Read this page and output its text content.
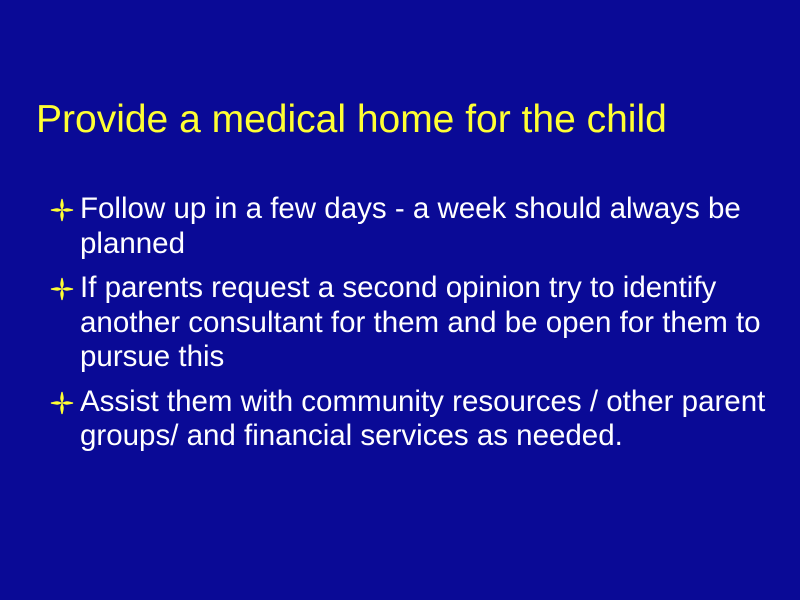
Provide a medical home for the child
Follow up in a few days - a week should always be planned
If parents request a second opinion try to identify another consultant for them and be open for them to pursue this
Assist them with community resources / other parent groups/ and financial services as needed.
